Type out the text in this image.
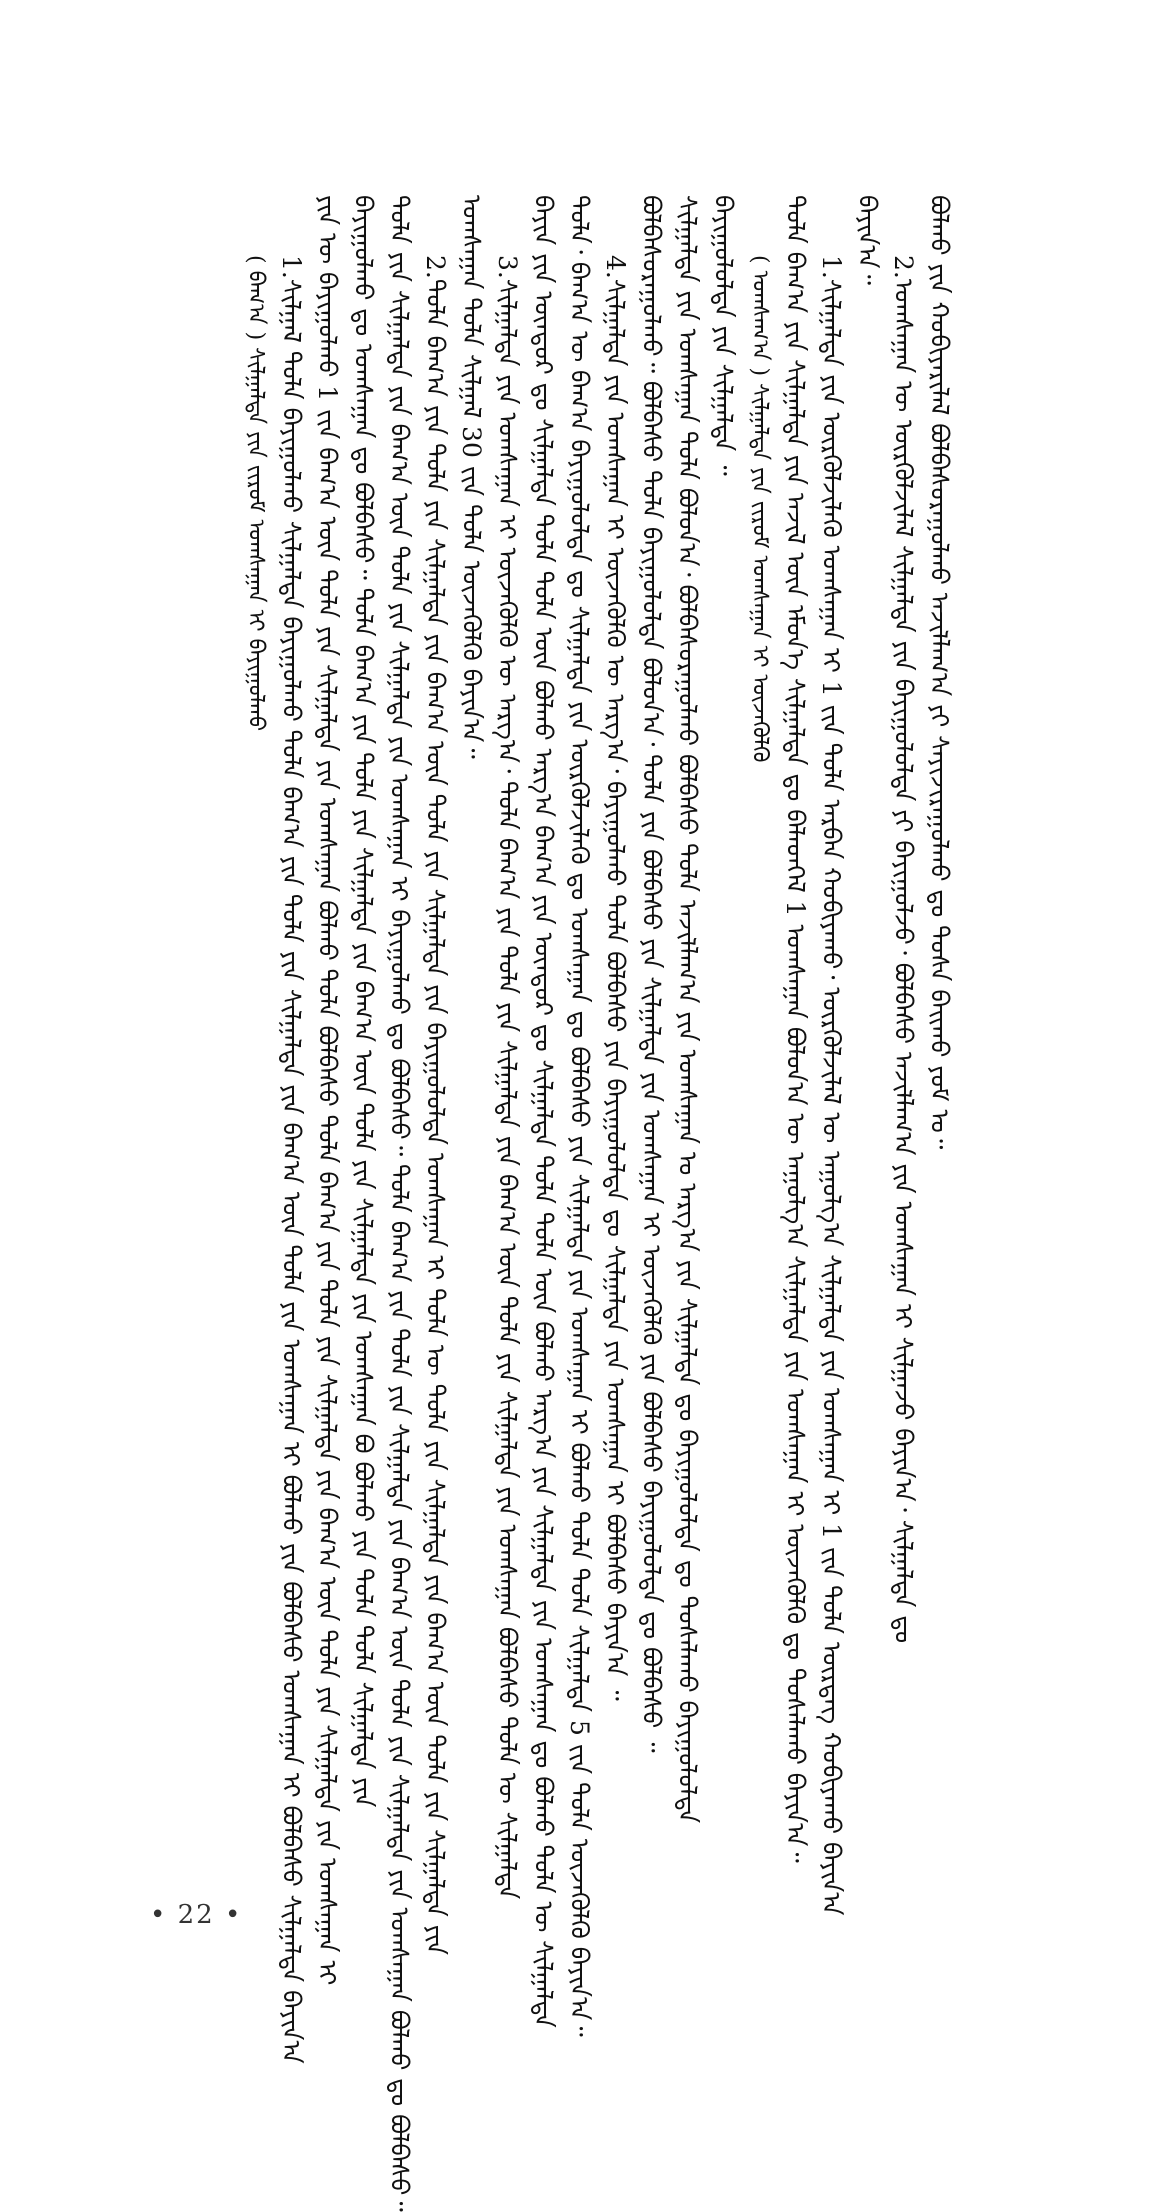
ᠪᠤᠯᠬᠤ ᠶᠢᠨ ᠬᠤᠪᠢᠶᠠᠷᠢᠯᠠᠯ ᠪᠣᠯᠪᠠᠰᠤᠷᠠᠭᠤᠯᠬᠤ ᠠᠵᠢᠯᠯᠠᠭ᠎ᠠ ᠶᠢ ᠰᠠᠶᠢᠵᠢᠷᠠᠭᠤᠯᠬᠤ ᠳᠤ ᠲᠤᠰᠠ ᠪᠠᠢᠬᠤ ᠶᠤᠮ ᠤ᠃
2.ᠤᠭᠰᠠᠭᠠᠨ ᠦ ᠦᠷᠭᠦᠯᠵᠢᠯᠡᠯ ᠰᠢᠯᠭᠠᠯᠲᠠ ᠶᠢᠨ ᠪᠠᠶᠢᠭᠤᠯᠤᠯᠲᠠ ᠶᠢ ᠪᠠᠶᠢᠭᠤᠯᠵᠤ᠂ ᠪᠤᠯᠪᠠᠰᠤ ᠠᠵᠢᠯᠯᠠᠭ᠎ᠠ ᠶᠢᠨ ᠤᠭᠰᠠᠭᠠᠨ ᠢ ᠰᠢᠯᠭᠠᠵᠤ ᠪᠠᠶᠢᠨ᠎ᠠ᠂ ᠰᠢᠯᠭᠠᠯᠲᠠ ᠳᠤ
ᠪᠠᠶᠢᠨ᠎ᠠ᠃
1.ᠰᠢᠯᠭᠠᠯᠲᠠ ᠶᠢᠨ ᠦᠷᠭᠦᠯᠵᠢᠯᠡᠬᠦ ᠤᠭᠰᠠᠭᠠᠨ ᠢ 1 ᠵᠢᠨ ᠲᠤᠯᠠ ᠠᠷᠪᠠᠨ ᠬᠤᠪᠢᠶᠠᠬᠤ᠂ ᠦᠷᠭᠦᠯᠵᠢᠯᠡᠯ ᠦ ᠠᠭᠤᠯᠭ᠎ᠠ ᠰᠢᠯᠭᠠᠯᠲᠠ ᠶᠢᠨ ᠤᠭᠰᠠᠭᠠᠨ ᠢ 1 ᠵᠢᠨ ᠲᠤᠯᠠ ᠦᠷᠲᠡᠭ ᠬᠤᠪᠢᠶᠠᠬᠤ ᠪᠠᠶᠢᠨ᠎ᠠ
ᠲᠤᠯᠠ ᠪᠠᠭ᠎ᠠ ᠶᠢᠨ ᠰᠢᠯᠭᠠᠯᠲᠠ ᠶᠢᠨ ᠠᠵᠢᠯ ᠦᠨ ᠡᠮᠦᠨ᠎ᠡ ᠰᠢᠯᠭᠠᠯᠲᠠ ᠳᠤ ᠪᠡᠯᠡᠳᠬᠡᠯ 1 ᠤᠭᠰᠠᠭᠠᠨ ᠪᠤᠯᠤᠨ᠎ᠠ ᠦ ᠠᠭᠤᠯᠭ᠎ᠠ ᠰᠢᠯᠭᠠᠯᠲᠠ ᠶᠢᠨ ᠤᠭᠰᠠᠭᠠᠨ ᠢ ᠦᠵᠡᠭᠦᠯᠬᠦ ᠳᠤ ᠲᠤᠰᠠᠯᠠᠬᠤ ᠪᠠᠶᠢᠨ᠎ᠠ᠃
( ᠤᠭᠰᠠᠭ᠎ᠠ ) ᠰᠢᠯᠭᠠᠯᠲᠠ ᠶᠢᠨ ᠵᠢᠷᠤᠮ ᠤᠭᠰᠠᠭᠠᠨ ᠢ ᠦᠵᠡᠭᠦᠯᠬᠦ
ᠪᠠᠶᠢᠭᠤᠯᠤᠯᠲᠠ ᠶᠢᠨ ᠰᠢᠯᠭᠠᠯᠲᠠ ᠃
ᠰᠢᠯᠭᠠᠯᠲᠠ ᠶᠢᠨ ᠤᠭᠰᠠᠭᠠᠨ ᠲᠤᠯᠠ ᠪᠤᠯᠤᠨ᠎ᠠ᠂ ᠪᠤᠯᠪᠠᠰᠤᠷᠠᠭᠤᠯᠬᠤ ᠪᠣᠯᠪᠠᠰᠤ ᠲᠤᠯᠠ ᠠᠵᠢᠯᠯᠠᠭ᠎ᠠ ᠶᠢᠨ ᠤᠭᠰᠠᠭᠠᠨ ᠤ ᠠᠷᠭ᠎ᠠ ᠶᠢᠨ ᠰᠢᠯᠭᠠᠯᠲᠠ ᠳᠤ ᠪᠠᠶᠢᠭᠤᠯᠤᠯᠲᠠ ᠳᠤ ᠲᠤᠰᠠᠯᠠᠬᠤ ᠪᠠᠶᠢᠭᠤᠯᠤᠯᠲᠠ
ᠪᠤᠯᠪᠠᠰᠤᠷᠠᠭᠤᠯᠬᠤ᠃ ᠪᠤᠯᠪᠠᠰᠤ ᠲᠤᠯᠠ ᠪᠠᠶᠢᠭᠤᠯᠤᠯᠲᠠ ᠪᠤᠯᠤᠨ᠎ᠠ᠂ ᠲᠤᠯᠠ ᠶᠢᠨ ᠪᠤᠯᠪᠠᠰᠤ ᠶᠢᠨ ᠰᠢᠯᠭᠠᠯᠲᠠ ᠶᠢᠨ ᠤᠭᠰᠠᠭᠠᠨ ᠢ ᠦᠵᠡᠭᠦᠯᠬᠦ ᠶᠢᠨ ᠪᠤᠯᠪᠠᠰᠤ ᠪᠠᠶᠢᠭᠤᠯᠤᠯᠲᠠ ᠳᠤ ᠪᠤᠯᠪᠠᠰᠤ ᠃
4.ᠰᠢᠯᠭᠠᠯᠲᠠ ᠶᠢᠨ ᠤᠭᠰᠠᠭᠠᠨ ᠢ ᠦᠵᠡᠭᠦᠯᠬᠦ ᠦ ᠠᠷᠭ᠎ᠠ᠂ ᠪᠠᠶᠢᠭᠤᠯᠬᠤ ᠲᠤᠯᠠ ᠪᠤᠯᠪᠠᠰᠤ ᠶᠢᠨ ᠪᠠᠶᠢᠭᠤᠯᠤᠯᠲᠠ ᠳᠤ ᠰᠢᠯᠭᠠᠯᠲᠠ ᠶᠢᠨ ᠤᠭᠰᠠᠭᠠᠨ ᠢ ᠪᠤᠯᠪᠠᠰᠤ ᠪᠠᠶᠢᠨ᠎ᠠ ᠃
ᠲᠤᠯᠠ᠂ ᠪᠠᠭ᠎ᠠ ᠦ ᠪᠠᠭ᠎ᠠ ᠪᠠᠶᠢᠭᠤᠯᠤᠯᠲᠠ ᠳᠤ ᠰᠢᠯᠭᠠᠯᠲᠠ ᠶᠢᠨ ᠦᠷᠭᠦᠯᠵᠢᠯᠡᠬᠦ ᠳᠤ ᠤᠭᠰᠠᠭᠠᠨ ᠳᠤ ᠪᠤᠯᠪᠠᠰᠤ ᠶᠢᠨ ᠰᠢᠯᠭᠠᠯᠲᠠ ᠶᠢᠨ ᠤᠭᠰᠠᠭᠠᠨ ᠢ ᠪᠤᠯᠬᠤ ᠲᠤᠯᠠ ᠲᠤᠯᠠ ᠰᠢᠯᠭᠠᠯᠲᠠ 5 ᠵᠢᠨ ᠲᠤᠯᠠ ᠦᠵᠡᠭᠦᠯᠬᠦ ᠪᠠᠶᠢᠨ᠎ᠠ᠃
ᠪᠠᠶᠢᠨ ᠶᠢᠨ ᠦᠨᠳᠦᠷ ᠳᠤ ᠰᠢᠯᠭᠠᠯᠲᠠ ᠲᠤᠯᠠ ᠲᠤᠯᠠ ᠦᠨ ᠪᠤᠯᠬᠤ ᠠᠷᠭ᠎ᠠ ᠪᠠᠭ᠎ᠠ ᠶᠢᠨ ᠦᠨᠳᠦᠷ ᠳᠤ ᠰᠢᠯᠭᠠᠯᠲᠠ ᠲᠤᠯᠠ ᠲᠤᠯᠠ ᠦᠨ ᠪᠤᠯᠬᠤ ᠠᠷᠭ᠎ᠠ ᠶᠢᠨ ᠰᠢᠯᠭᠠᠯᠲᠠ ᠶᠢᠨ ᠤᠭᠰᠠᠭᠠᠨ ᠳᠤ ᠪᠤᠯᠬᠤ ᠲᠤᠯᠠ ᠦ ᠰᠢᠯᠭᠠᠯᠲᠠ
3.ᠰᠢᠯᠭᠠᠯᠲᠠ ᠶᠢᠨ ᠤᠭᠰᠠᠭᠠᠨ ᠢ ᠦᠵᠡᠭᠦᠯᠬᠦ ᠦ ᠠᠷᠭ᠎ᠠ᠂ ᠲᠤᠯᠠ ᠪᠠᠭ᠎ᠠ ᠶᠢᠨ ᠲᠤᠯᠠ ᠶᠢᠨ ᠰᠢᠯᠭᠠᠯᠲᠠ ᠶᠢᠨ ᠪᠠᠭ᠎ᠠ ᠦᠨ ᠲᠤᠯᠠ ᠶᠢᠨ ᠰᠢᠯᠭᠠᠯᠲᠠ ᠶᠢᠨ ᠤᠭᠰᠠᠭᠠᠨ ᠪᠤᠯᠪᠠᠰᠤ ᠲᠤᠯᠠ ᠦ ᠰᠢᠯᠭᠠᠯᠲᠠ
ᠤᠭᠰᠠᠭᠠᠨ ᠲᠤᠯᠠ ᠰᠢᠯᠭᠠᠯ 30 ᠵᠢᠨ ᠲᠤᠯᠠ ᠦᠵᠡᠭᠦᠯᠬᠦ ᠪᠠᠶᠢᠨ᠎ᠠ᠃
2.ᠲᠤᠯᠠ ᠪᠠᠭ᠎ᠠ ᠶᠢᠨ ᠲᠤᠯᠠ ᠶᠢᠨ ᠰᠢᠯᠭᠠᠯᠲᠠ ᠶᠢᠨ ᠪᠠᠭ᠎ᠠ ᠦᠨ ᠲᠤᠯᠠ ᠶᠢᠨ ᠰᠢᠯᠭᠠᠯᠲᠠ ᠶᠢᠨ ᠪᠠᠶᠢᠭᠤᠯᠤᠯᠲᠠ ᠤᠭᠰᠠᠭᠠᠨ ᠢ ᠲᠤᠯᠠ ᠦ ᠲᠤᠯᠠ ᠶᠢᠨ ᠰᠢᠯᠭᠠᠯᠲᠠ ᠶᠢᠨ ᠪᠠᠭ᠎ᠠ ᠦᠨ ᠲᠤᠯᠠ ᠶᠢᠨ ᠰᠢᠯᠭᠠᠯᠲᠠ ᠶᠢᠨ
ᠲᠤᠯᠠ ᠶᠢᠨ ᠰᠢᠯᠭᠠᠯᠲᠠ ᠶᠢᠨ ᠪᠠᠭ᠎ᠠ ᠦᠨ ᠲᠤᠯᠠ ᠶᠢᠨ ᠰᠢᠯᠭᠠᠯᠲᠠ ᠶᠢᠨ ᠤᠭᠰᠠᠭᠠᠨ ᠢ ᠪᠠᠶᠢᠭᠤᠯᠬᠤ ᠳᠤ ᠪᠤᠯᠪᠠᠰᠤ᠃ ᠲᠤᠯᠠ ᠪᠠᠭ᠎ᠠ ᠶᠢᠨ ᠲᠤᠯᠠ ᠶᠢᠨ ᠰᠢᠯᠭᠠᠯᠲᠠ ᠶᠢᠨ ᠪᠠᠭ᠎ᠠ ᠦᠨ ᠲᠤᠯᠠ ᠶᠢᠨ ᠰᠢᠯᠭᠠᠯᠲᠠ ᠶᠢᠨ ᠤᠭᠰᠠᠭᠠᠨ ᠪᠤᠯᠬᠤ ᠳᠤ ᠪᠤᠯᠪᠠᠰᠤ᠃
ᠪᠠᠶᠢᠭᠤᠯᠬᠤ ᠳᠤ ᠤᠭᠰᠠᠭᠠᠨ ᠳᠤ ᠪᠤᠯᠪᠠᠰᠤ᠃ ᠲᠤᠯᠠ ᠪᠠᠭ᠎ᠠ ᠶᠢᠨ ᠲᠤᠯᠠ ᠶᠢᠨ ᠰᠢᠯᠭᠠᠯᠲᠠ ᠶᠢᠨ ᠪᠠᠭ᠎ᠠ ᠦᠨ ᠲᠤᠯᠠ ᠶᠢᠨ ᠰᠢᠯᠭᠠᠯᠲᠠ ᠶᠢᠨ ᠤᠭᠰᠠᠭᠠᠨ ᠪᠤ ᠪᠤᠯᠬᠤ ᠶᠢᠨ ᠲᠤᠯᠠ ᠲᠤᠯᠠ ᠰᠢᠯᠭᠠᠯᠲᠠ ᠶᠢᠨ
ᠶᠢᠨ ᠦ ᠪᠠᠶᠢᠭᠤᠯᠬᠤ 1 ᠵᠢᠨ ᠪᠠᠭ᠎ᠠ ᠦᠨ ᠲᠤᠯᠠ ᠶᠢᠨ ᠰᠢᠯᠭᠠᠯᠲᠠ ᠶᠢᠨ ᠤᠭᠰᠠᠭᠠᠨ ᠪᠤᠯᠬᠤ ᠲᠤᠯᠠ ᠪᠤᠯᠪᠠᠰᠤ ᠲᠤᠯᠠ ᠪᠠᠭ᠎ᠠ ᠶᠢᠨ ᠲᠤᠯᠠ ᠶᠢᠨ ᠰᠢᠯᠭᠠᠯᠲᠠ ᠶᠢᠨ ᠪᠠᠭ᠎ᠠ ᠦᠨ ᠲᠤᠯᠠ ᠶᠢᠨ ᠰᠢᠯᠭᠠᠯᠲᠠ ᠶᠢᠨ ᠤᠭᠰᠠᠭᠠᠨ ᠢ
1.ᠰᠢᠯᠭᠠᠯ ᠲᠤᠯᠠ ᠪᠠᠶᠢᠭᠤᠯᠬᠤ ᠰᠢᠯᠭᠠᠯᠲᠠ ᠪᠠᠶᠢᠭᠤᠯᠬᠤ ᠲᠤᠯᠠ ᠪᠠᠭ᠎ᠠ ᠶᠢᠨ ᠲᠤᠯᠠ ᠶᠢᠨ ᠰᠢᠯᠭᠠᠯᠲᠠ ᠶᠢᠨ ᠪᠠᠭ᠎ᠠ ᠦᠨ ᠲᠤᠯᠠ ᠶᠢᠨ ᠤᠭᠰᠠᠭᠠᠨ ᠢ ᠪᠤᠯᠬᠤ ᠶᠢᠨ ᠪᠤᠯᠪᠠᠰᠤ ᠤᠭᠰᠠᠭᠠᠨ ᠢ ᠪᠤᠯᠪᠠᠰᠤ ᠰᠢᠯᠭᠠᠯᠲᠠ ᠪᠠᠶᠢᠨ᠎ᠠ
( ᠪᠠᠭ᠎ᠠ ) ᠰᠢᠯᠭᠠᠯᠲᠠ ᠶᠢᠨ ᠵᠢᠷᠤᠮ ᠤᠭᠰᠠᠭᠠᠨ ᠢ ᠪᠠᠶᠢᠭᠤᠯᠬᠤ
• 22 •
